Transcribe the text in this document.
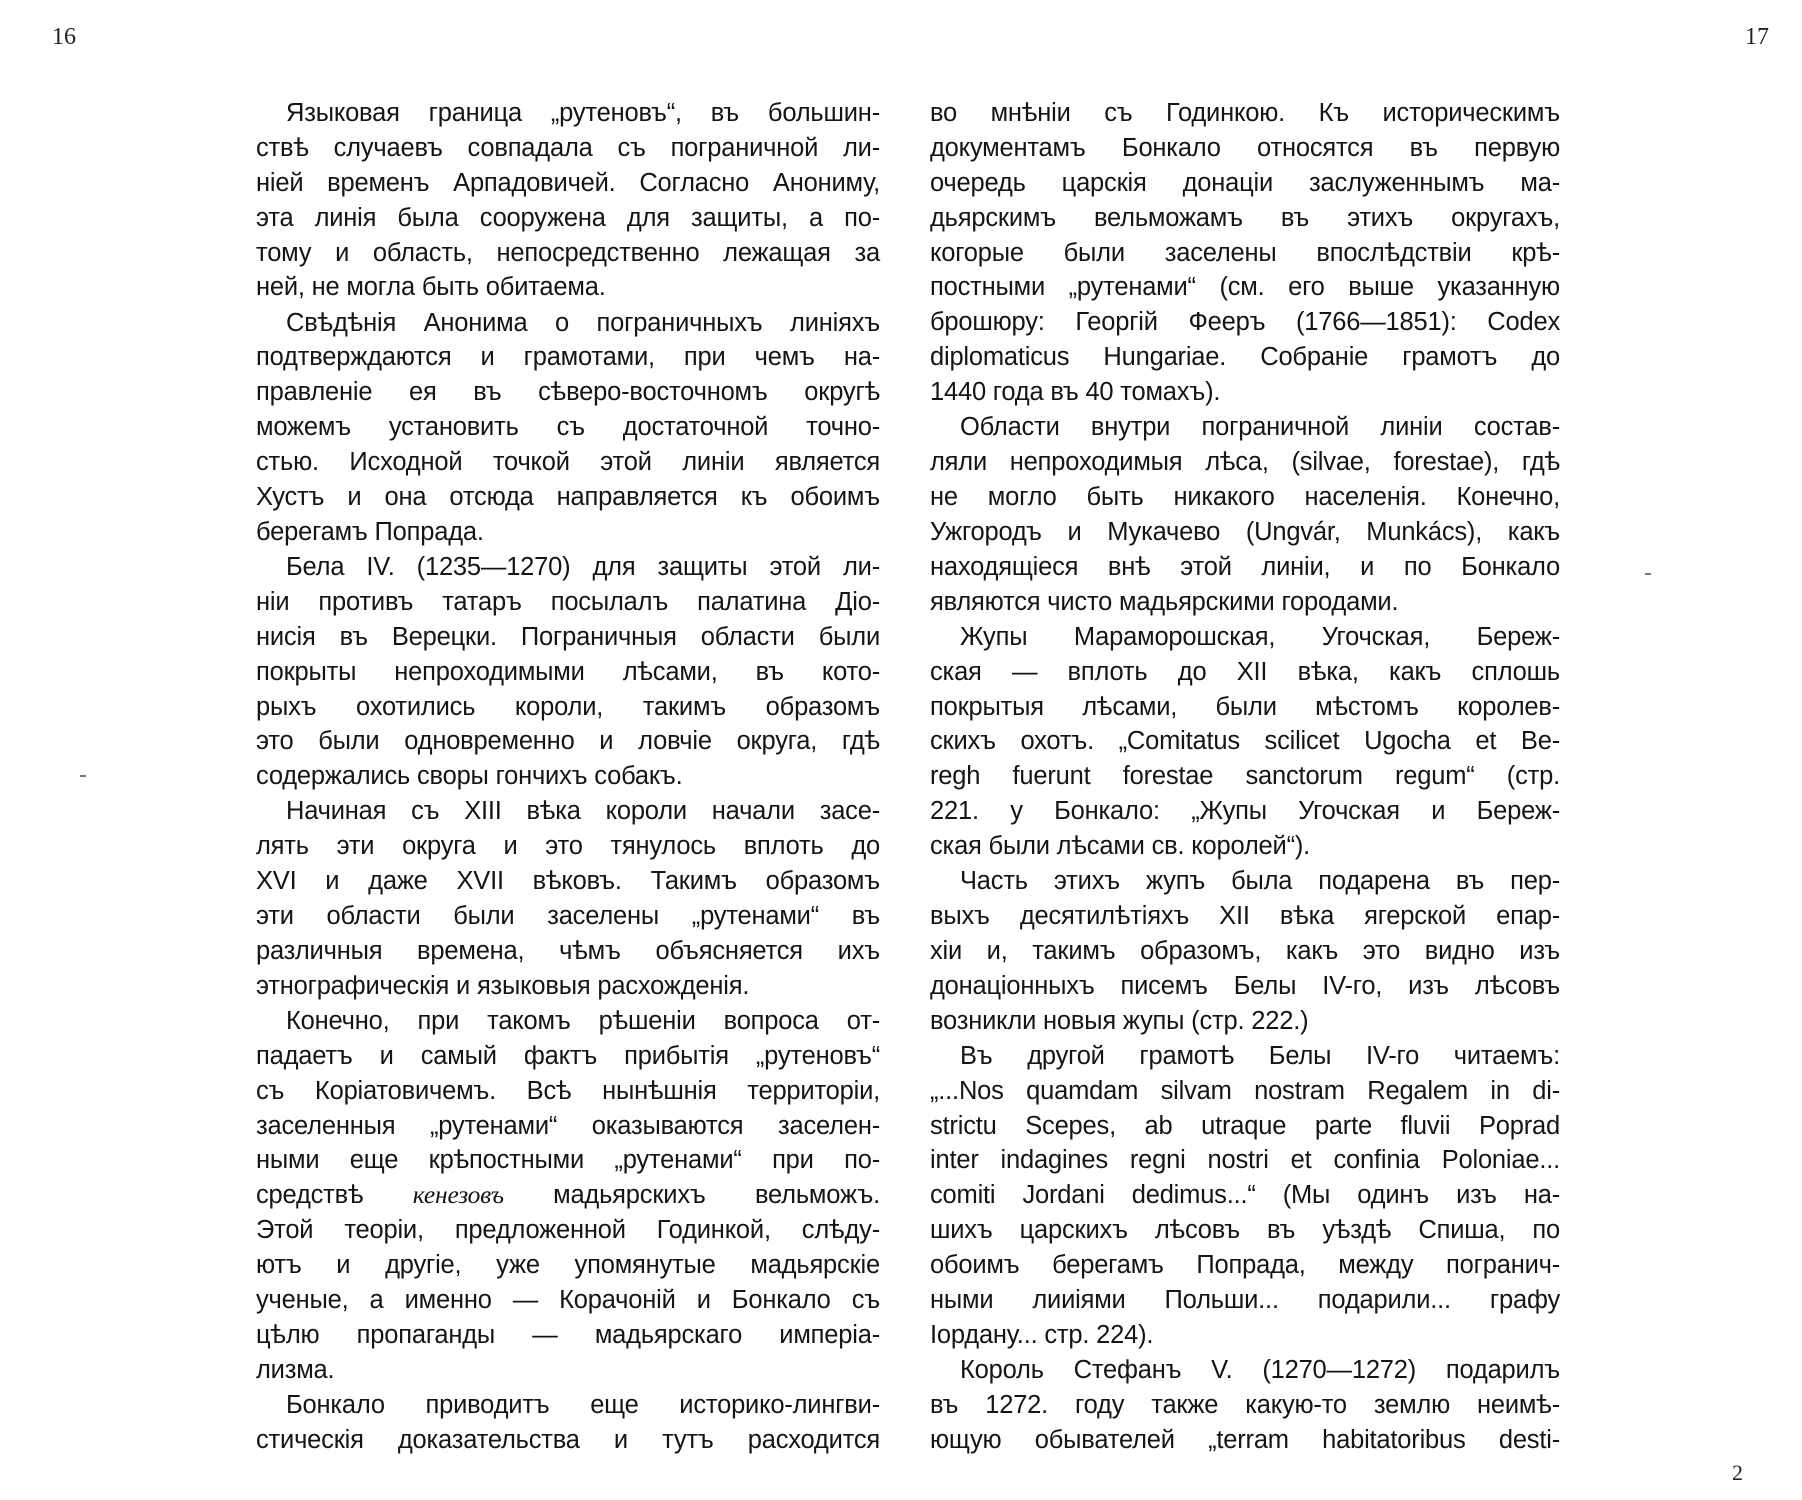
16	17
2
Языковая граница „рутеновъ“, въ большин-
ствѣ случаевъ совпадала съ пограничной ли-
ніей временъ Арпадовичей. Согласно Анониму,
эта линія была сооружена для защиты, а по-
тому и область, непосредственно лежащая за
ней, не могла быть обитаема.
Свѣдѣнія Анонима о пограничныхъ линіяхъ
подтверждаются и грамотами, при чемъ на-
правленіе ея въ сѣверо-восточномъ округѣ
можемъ установить съ достаточной точно-
стью. Исходной точкой этой линіи является
Хустъ и она отсюда направляется къ обоимъ
берегамъ Попрада.
Бела IV. (1235—1270) для защиты этой ли-
ніи противъ татаръ посылалъ палатина Діо-
нисія въ Верецки. Пограничныя области были
покрыты непроходимыми лѣсами, въ кото-
рыхъ охотились короли, такимъ образомъ
это были одновременно и ловчіе округа, гдѣ
содержались своры гончихъ собакъ.
Начиная съ XIII вѣка короли начали засе-
лять эти округа и это тянулось вплоть до
XVI и даже XVII вѣковъ. Такимъ образомъ
эти области были заселены „рутенами“ въ
различныя времена, чѣмъ объясняется ихъ
этнографическія и языковыя расхожденія.
Конечно, при такомъ рѣшеніи вопроса от-
падаетъ и самый фактъ прибытія „рутеновъ“
съ Коріатовичемъ. Всѣ нынѣшнія территоріи,
заселенныя „рутенами“ оказываются заселен-
ными еще крѣпостными „рутенами“ при по-
средствѣ кенезовъ мадьярскихъ вельможъ.
Этой теоріи, предложенной Годинкой, слѣду-
ютъ и другіе, уже упомянутые мадьярскіе
ученые, а именно — Корачоній и Бонкало съ
цѣлю пропаганды — мадьярскаго имперіа-
лизма.
Бонкало приводитъ еще историко-лингви-
стическія доказательства и тутъ расходится
во мнѣніи съ Годинкою. Къ историческимъ
документамъ Бонкало относятся въ первую
очередь царскія донаціи заслуженнымъ ма-
дьярскимъ вельможамъ въ этихъ округахъ,
когорые были заселены впослѣдствіи крѣ-
постными „рутенами“ (см. его выше указанную
брошюру: Георгій Фееръ (1766—1851): Codex
diplomaticus Hungariae. Собраніе грамотъ до
1440 года въ 40 томахъ).
Области внутри пограничной линіи состав-
ляли непроходимыя лѣса, (silvae, forestae), гдѣ
не могло быть никакого населенія. Конечно,
Ужгородъ и Мукачево (Ungvár, Munkács), какъ
находящіеся внѣ этой линіи, и по Бонкало
являются чисто мадьярскими городами.
Жупы Мараморошская, Угочская, Береж-
ская — вплоть до XII вѣка, какъ сплошь
покрытыя лѣсами, были мѣстомъ королев-
скихъ охотъ. „Comitatus scilicet Ugocha et Be-
regh fuerunt forestae sanctorum regum“ (стр.
221. у Бонкало: „Жупы Угочская и Береж-
ская были лѣсами св. королей“).
Часть этихъ жупъ была подарена въ пер-
выхъ десятилѣтіяхъ XII вѣка ягерской епар-
хіи и, такимъ образомъ, какъ это видно изъ
донаціонныхъ писемъ Белы IV-го, изъ лѣсовъ
возникли новыя жупы (стр. 222.)
Въ другой грамотѣ Белы IV-го читаемъ:
„...Nos quamdam silvam nostram Regalem in di-
strictu Scepes, ab utraque parte fluvii Poprad
inter indagines regni nostri et confinia Poloniae...
comiti Jordani dedimus...“ (Мы одинъ изъ на-
шихъ царскихъ лѣсовъ въ уѣздѣ Спиша, по
обоимъ берегамъ Попрада, между погранич-
ными лииіями Польши... подарили... графу
Іордану... стр. 224).
Король Стефанъ V. (1270—1272) подарилъ
въ 1272. году также какую-то землю неимѣ-
ющую обывателей „terram habitatoribus desti-
